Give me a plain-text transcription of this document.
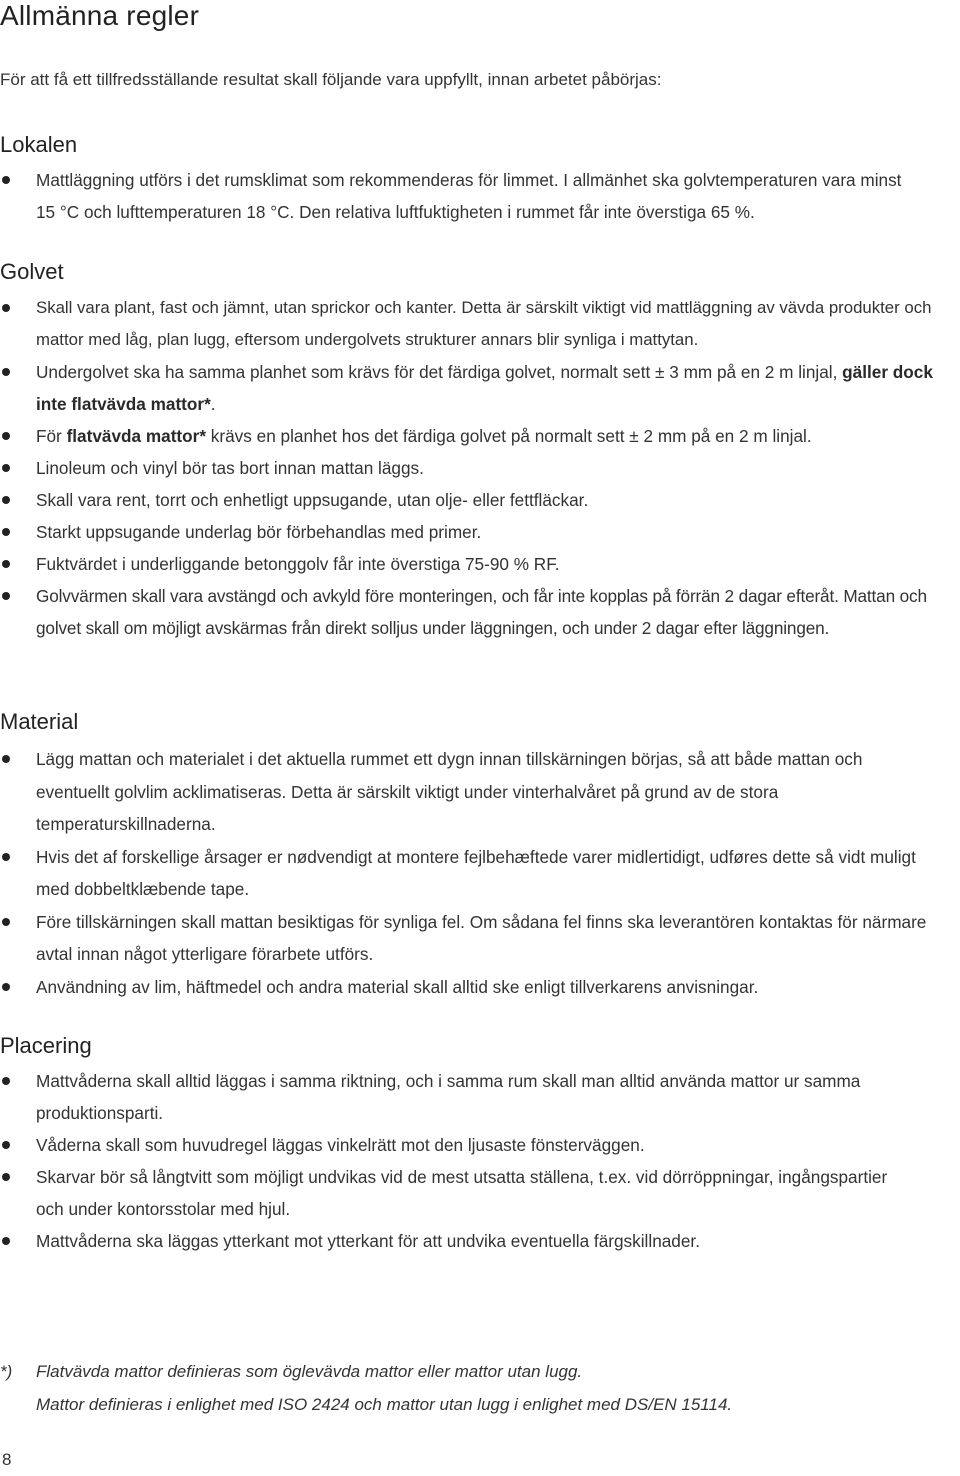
Allmänna regler
För att få ett tillfredsställande resultat skall följande vara uppfyllt, innan arbetet påbörjas:
Lokalen
Mattläggning utförs i det rumsklimat som rekommenderas för limmet. I allmänhet ska golvtemperaturen vara minst 15 °C och lufttemperaturen 18 °C. Den relativa luftfuktigheten i rummet får inte överstiga 65 %.
Golvet
Skall vara plant, fast och jämnt, utan sprickor och kanter. Detta är särskilt viktigt vid mattläggning av vävda produkter och mattor med låg, plan lugg, eftersom undergolvets strukturer annars blir synliga i mattytan.
Undergolvet ska ha samma planhet som krävs för det färdiga golvet, normalt sett ± 3 mm på en 2 m linjal, gäller dock inte flatvävda mattor*.
För flatvävda mattor* krävs en planhet hos det färdiga golvet på normalt sett ± 2 mm på en 2 m linjal.
Linoleum och vinyl bör tas bort innan mattan läggs.
Skall vara rent, torrt och enhetligt uppsugande, utan olje- eller fettfläckar.
Starkt uppsugande underlag bör förbehandlas med primer.
Fuktvärdet i underliggande betonggolv får inte överstiga 75-90 % RF.
Golvvärmen skall vara avstängd och avkyld före monteringen, och får inte kopplas på förrän 2 dagar efteråt. Mattan och golvet skall om möjligt avskärmas från direkt solljus under läggningen, och under 2 dagar efter läggningen.
Material
Lägg mattan och materialet i det aktuella rummet ett dygn innan tillskärningen börjas, så att både mattan och eventuellt golvlim acklimatiseras. Detta är särskilt viktigt under vinterhalvåret på grund av de stora temperaturskillnaderna.
Hvis det af forskellige årsager er nødvendigt at montere fejlbehæftede varer midlertidigt, udføres dette så vidt muligt med dobbeltklæbende tape.
Före tillskärningen skall mattan besiktigas för synliga fel. Om sådana fel finns ska leverantören kontaktas för närmare avtal innan något ytterligare förarbete utförs.
Användning av lim, häftmedel och andra material skall alltid ske enligt tillverkarens anvisningar.
Placering
Mattvåderna skall alltid läggas i samma riktning, och i samma rum skall man alltid använda mattor ur samma produktionsparti.
Våderna skall som huvudregel läggas vinkelrätt mot den ljusaste fönsterväggen.
Skarvar bör så långtvitt som möjligt undvikas vid de mest utsatta ställena, t.ex. vid dörröppningar, ingångspartier och under kontorsstolar med hjul.
Mattvåderna ska läggas ytterkant mot ytterkant för att undvika eventuella färgskillnader.
*) Flatvävda mattor definieras som öglevävda mattor eller mattor utan lugg.
Mattor definieras i enlighet med ISO 2424 och mattor utan lugg i enlighet med DS/EN 15114.
8
